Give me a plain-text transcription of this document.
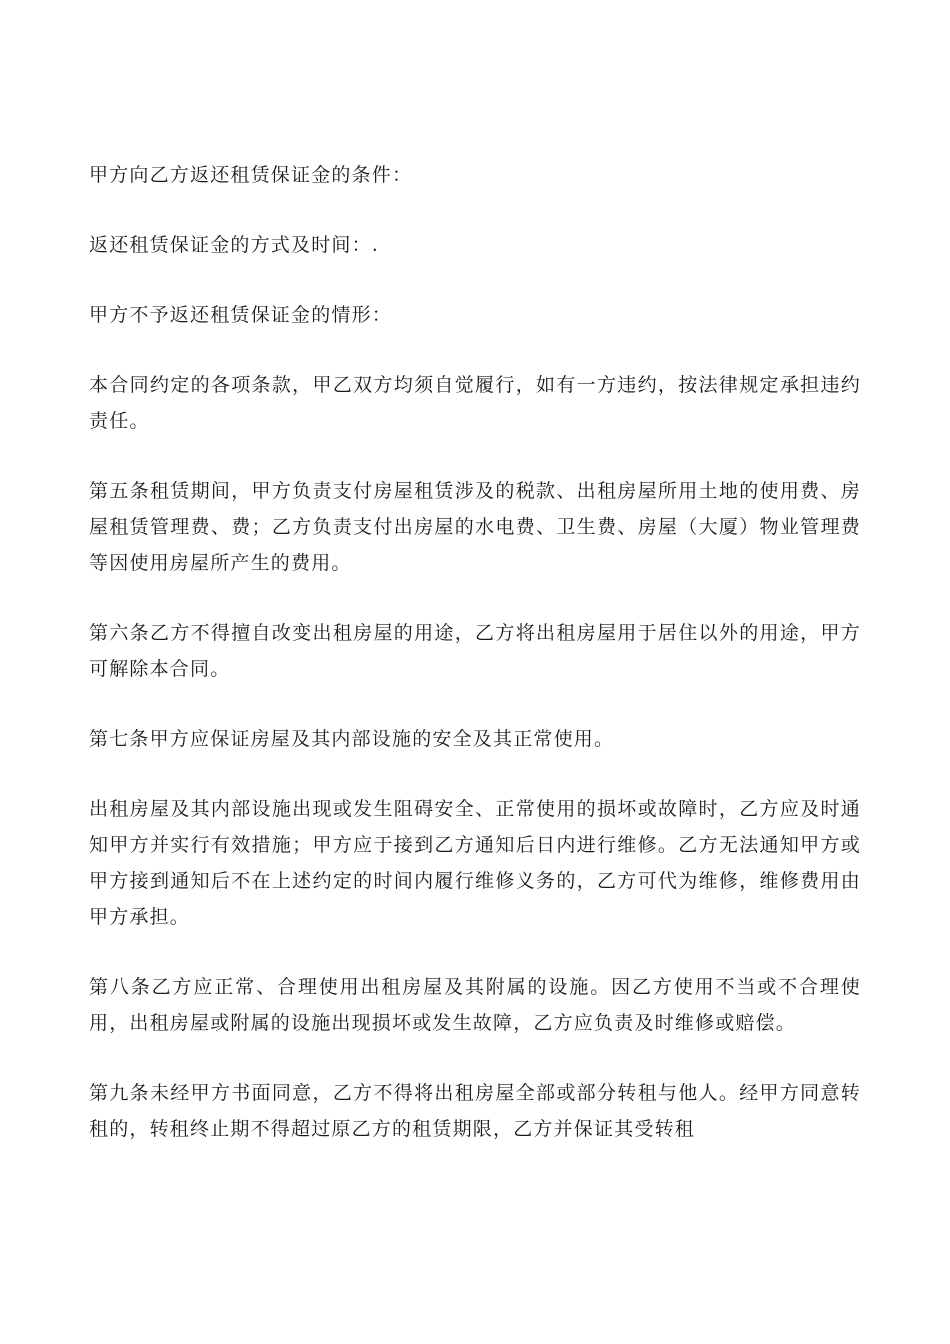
甲方向乙方返还租赁保证金的条件：

返还租赁保证金的方式及时间：.

甲方不予返还租赁保证金的情形：

本合同约定的各项条款，甲乙双方均须自觉履行，如有一方违约，按法律规定承担违约责任。

第五条租赁期间，甲方负责支付房屋租赁涉及的税款、出租房屋所用土地的使用费、房屋租赁管理费、费；乙方负责支付出房屋的水电费、卫生费、房屋（大厦）物业管理费等因使用房屋所产生的费用。

第六条乙方不得擅自改变出租房屋的用途，乙方将出租房屋用于居住以外的用途，甲方可解除本合同。

第七条甲方应保证房屋及其内部设施的安全及其正常使用。

出租房屋及其内部设施出现或发生阻碍安全、正常使用的损坏或故障时，乙方应及时通知甲方并实行有效措施；甲方应于接到乙方通知后日内进行维修。乙方无法通知甲方或甲方接到通知后不在上述约定的时间内履行维修义务的，乙方可代为维修，维修费用由甲方承担。

第八条乙方应正常、合理使用出租房屋及其附属的设施。因乙方使用不当或不合理使用，出租房屋或附属的设施出现损坏或发生故障，乙方应负责及时维修或赔偿。

第九条未经甲方书面同意，乙方不得将出租房屋全部或部分转租与他人。经甲方同意转租的，转租终止期不得超过原乙方的租赁期限，乙方并保证其受转租
